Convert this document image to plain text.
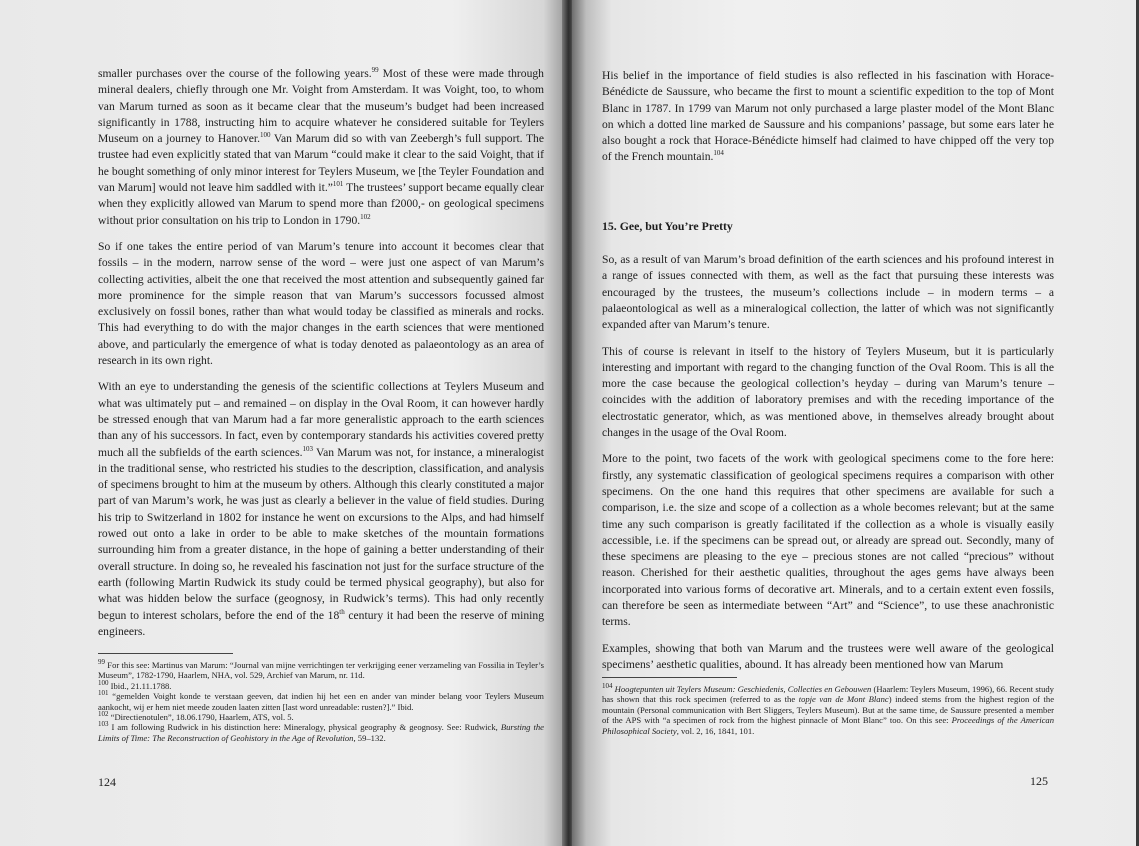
smaller purchases over the course of the following years.$^{99}$ Most of these were made through mineral dealers, chiefly through one Mr. Voight from Amsterdam. It was Voight, too, to whom van Marum turned as soon as it became clear that the museum’s budget had been increased significantly in 1788, instructing him to acquire whatever he considered suitable for Teylers Museum on a journey to Hanover.$^{100}$ Van Marum did so with van Zeebergh’s full support. The trustee had even explicitly stated that van Marum “could make it clear to the said Voight, that if he bought something of only minor interest for Teylers Museum, we [the Teyler Foundation and van Marum] would not leave him saddled with it.”$^{101}$ The trustees’ support became equally clear when they explicitly allowed van Marum to spend more than f2000,- on geological specimens without prior consultation on his trip to London in 1790.$^{102}$

So if one takes the entire period of van Marum’s tenure into account it becomes clear that fossils – in the modern, narrow sense of the word – were just one aspect of van Marum’s collecting activities, albeit the one that received the most attention and subsequently gained far more prominence for the simple reason that van Marum’s successors focussed almost exclusively on fossil bones, rather than what would today be classified as minerals and rocks. This had everything to do with the major changes in the earth sciences that were mentioned above, and particularly the emergence of what is today denoted as palaeontology as an area of research in its own right.

With an eye to understanding the genesis of the scientific collections at Teylers Museum and what was ultimately put – and remained – on display in the Oval Room, it can however hardly be stressed enough that van Marum had a far more generalistic approach to the earth sciences than any of his successors. In fact, even by contemporary standards his activities covered pretty much all the subfields of the earth sciences.$^{103}$ Van Marum was not, for instance, a mineralogist in the traditional sense, who restricted his studies to the description, classification, and analysis of specimens brought to him at the museum by others. Although this clearly constituted a major part of van Marum’s work, he was just as clearly a believer in the value of field studies. During his trip to Switzerland in 1802 for instance he went on excursions to the Alps, and had himself rowed out onto a lake in order to be able to make sketches of the mountain formations surrounding him from a greater distance, in the hope of gaining a better understanding of their overall structure. In doing so, he revealed his fascination not just for the surface structure of the earth (following Martin Rudwick its study could be termed physical geography), but also for what was hidden below the surface (geognosy, in Rudwick’s terms). This had only recently begun to interest scholars, before the end of the 18th century it had been the reserve of mining engineers.

$^{99}$ For this see: Martinus van Marum: “Journal van mijne verrichtingen ter verkrijging eener verzameling van Fossilia in Teyler’s Museum”, 1782-1790, Haarlem, NHA, vol. 529, Archief van Marum, nr. 11d.
$^{100}$ Ibid., 21.11.1788.
$^{101}$ “gemelden Voight konde te verstaan geeven, dat indien hij het een en ander van minder belang voor Teylers Museum aankocht, wij er hem niet meede zouden laaten zitten [last word unreadable: rusten?].” Ibid.
$^{102}$ “Directienotulen”, 18.06.1790, Haarlem, ATS, vol. 5.
$^{103}$ I am following Rudwick in his distinction here: Mineralogy, physical geography & geognosy. See: Rudwick, Bursting the Limits of Time: The Reconstruction of Geohistory in the Age of Revolution, 59–132.
124

His belief in the importance of field studies is also reflected in his fascination with Horace-Bénédicte de Saussure, who became the first to mount a scientific expedition to the top of Mont Blanc in 1787. In 1799 van Marum not only purchased a large plaster model of the Mont Blanc on which a dotted line marked de Saussure and his companions’ passage, but some ears later he also bought a rock that Horace-Bénédicte himself had claimed to have chipped off the very top of the French mountain.$^{104}$

15. Gee, but You’re Pretty

So, as a result of van Marum’s broad definition of the earth sciences and his profound interest in a range of issues connected with them, as well as the fact that pursuing these interests was encouraged by the trustees, the museum’s collections include – in modern terms – a palaeontological as well as a mineralogical collection, the latter of which was not significantly expanded after van Marum’s tenure.

This of course is relevant in itself to the history of Teylers Museum, but it is particularly interesting and important with regard to the changing function of the Oval Room. This is all the more the case because the geological collection’s heyday – during van Marum’s tenure – coincides with the addition of laboratory premises and with the receding importance of the electrostatic generator, which, as was mentioned above, in themselves already brought about changes in the usage of the Oval Room.

More to the point, two facets of the work with geological specimens come to the fore here: firstly, any systematic classification of geological specimens requires a comparison with other specimens. On the one hand this requires that other specimens are available for such a comparison, i.e. the size and scope of a collection as a whole becomes relevant; but at the same time any such comparison is greatly facilitated if the collection as a whole is visually easily accessible, i.e. if the specimens can be spread out, or already are spread out. Secondly, many of these specimens are pleasing to the eye – precious stones are not called “precious” without reason. Cherished for their aesthetic qualities, throughout the ages gems have always been incorporated into various forms of decorative art. Minerals, and to a certain extent even fossils, can therefore be seen as intermediate between “Art” and “Science”, to use these anachronistic terms.

Examples, showing that both van Marum and the trustees were well aware of the geological specimens’ aesthetic qualities, abound. It has already been mentioned how van Marum

$^{104}$ Hoogtepunten uit Teylers Museum: Geschiedenis, Collecties en Gebouwen (Haarlem: Teylers Museum, 1996), 66. Recent study has shown that this rock specimen (referred to as the topje van de Mont Blanc) indeed stems from the highest region of the mountain (Personal communication with Bert Sliggers, Teylers Museum). But at the same time, de Saussure presented a member of the APS with “a specimen of rock from the highest pinnacle of Mont Blanc” too. On this see: Proceedings of the American Philosophical Society, vol. 2, 16, 1841, 101.
125
